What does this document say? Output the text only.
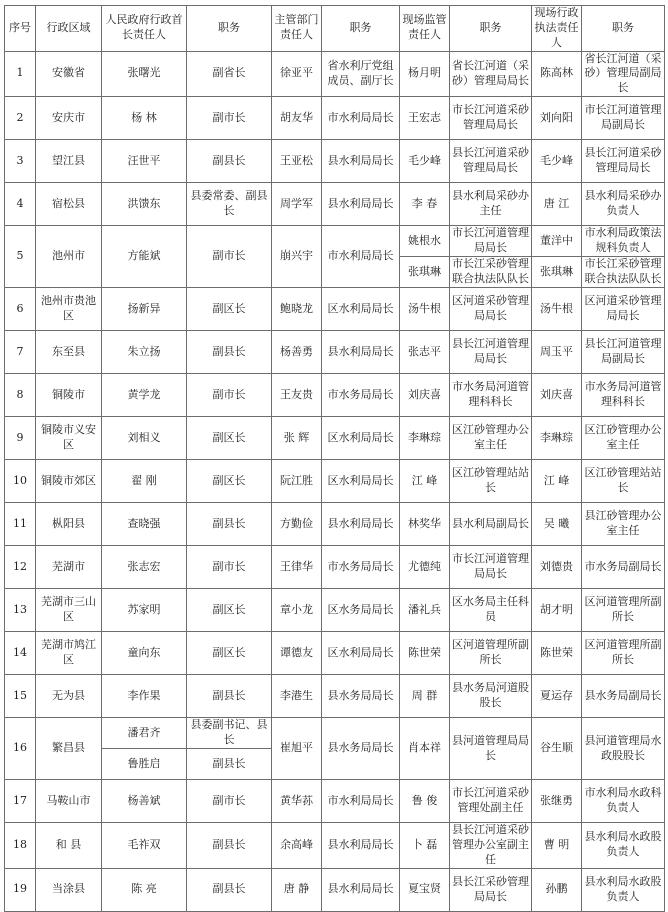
序号	行政区域	人民政府行政首长责任人	职务	主管部门责任人	职务	现场监管责任人	职务	现场行政执法责任人	职务
1	安徽省	张曙光	副省长	徐亚平	省水利厅党组成员、副厅长	杨月明	省长江河道（采砂）管理局局长	陈高林	省长江河道（采砂）管理局副局长
2	安庆市	杨 林	副市长	胡友华	市水利局局长	王宏志	市长江河道采砂管理局局长	刘向阳	市长江河道管理局副局长
3	望江县	汪世平	副县长	王亚松	县水利局局长	毛少峰	县长江河道采砂管理局局长	毛少峰	县长江河道采砂管理局局长
4	宿松县	洪馈东	县委常委、副县长	周学军	县水利局局长	李 春	县水利局采砂办主任	唐 江	县水利局采砂办负责人
5	池州市	方能斌	副市长	崩兴宇	市水利局局长	姚根水	市长江河道管理局局长	董洋中	市水利局政策法规科负责人
						张琪琳	市长江采砂管理联合执法队队长	张琪琳	市长江采砂管理联合执法队队长
6	池州市贵池区	扬新异	副区长	鲍晓龙	区水利局局长	汤牛根	区河道采砂管理局局长	汤牛根	区河道采砂管理局局长
7	东至县	朱立扬	副县长	杨善勇	县水利局局长	张志平	县长江河道管理局局长	周玉平	县长江河道管理局副局长
8	铜陵市	黄学龙	副市长	王友贵	市水务局局长	刘庆喜	市水务局河道管理科科长	刘庆喜	市水务局河道管理科科长
9	铜陵市义安区	刘相义	副区长	张 辉	区水利局局长	李琳琮	区江砂管理办公室主任	李琳琮	区江砂管理办公室主任
10	铜陵市郊区	翟 刚	副区长	阮江胜	区水利局局长	江 峰	区江砂管理站站长	江 峰	区江砂管理站站长
11	枞阳县	查晓强	副县长	方勤俭	县水利局局长	林奖华	县水利局副局长	吴 曦	县江砂管理办公室主任
12	芜湖市	张志宏	副市长	王律华	市水务局局长	尤德纯	市长江河道管理局局长	刘德贵	市水务局副局长
13	芜湖市三山区	苏家明	副区长	章小龙	区水务局局长	潘礼兵	区水务局主任科员	胡才明	区河道管理所副所长
14	芜湖市鸠江区	童向东	副区长	谭德友	区水利局局长	陈世荣	区河道管理所副所长	陈世荣	区河道管理所副所长
15	无为县	李作果	副县长	李港生	县水务局局长	周 群	县水务局河道股股长	夏运存	县水务局副局长
16	繁昌县	潘君齐	县委副书记、县长	崔旭平	县水务局局长	肖本祥	县河道管理局局长	谷生顺	县河道管理局水政股股长
		鲁胜启	副县长						
17	马鞍山市	杨善斌	副市长	黄华荪	市水利局局长	鲁 俊	市长江河道采砂管理处副主任	张继勇	市水利局水政科负责人
18	和 县	毛祚双	副县长	余高峰	县水利局局长	卜 磊	县长江河道采砂管理办公室副主任	曹 明	县水利局水政股负责人
19	当涂县	陈 亮	副县长	唐 静	县水利局局长	夏宝贤	县长江采砂管理局局长	孙鹏	县水利局水政股负责人
